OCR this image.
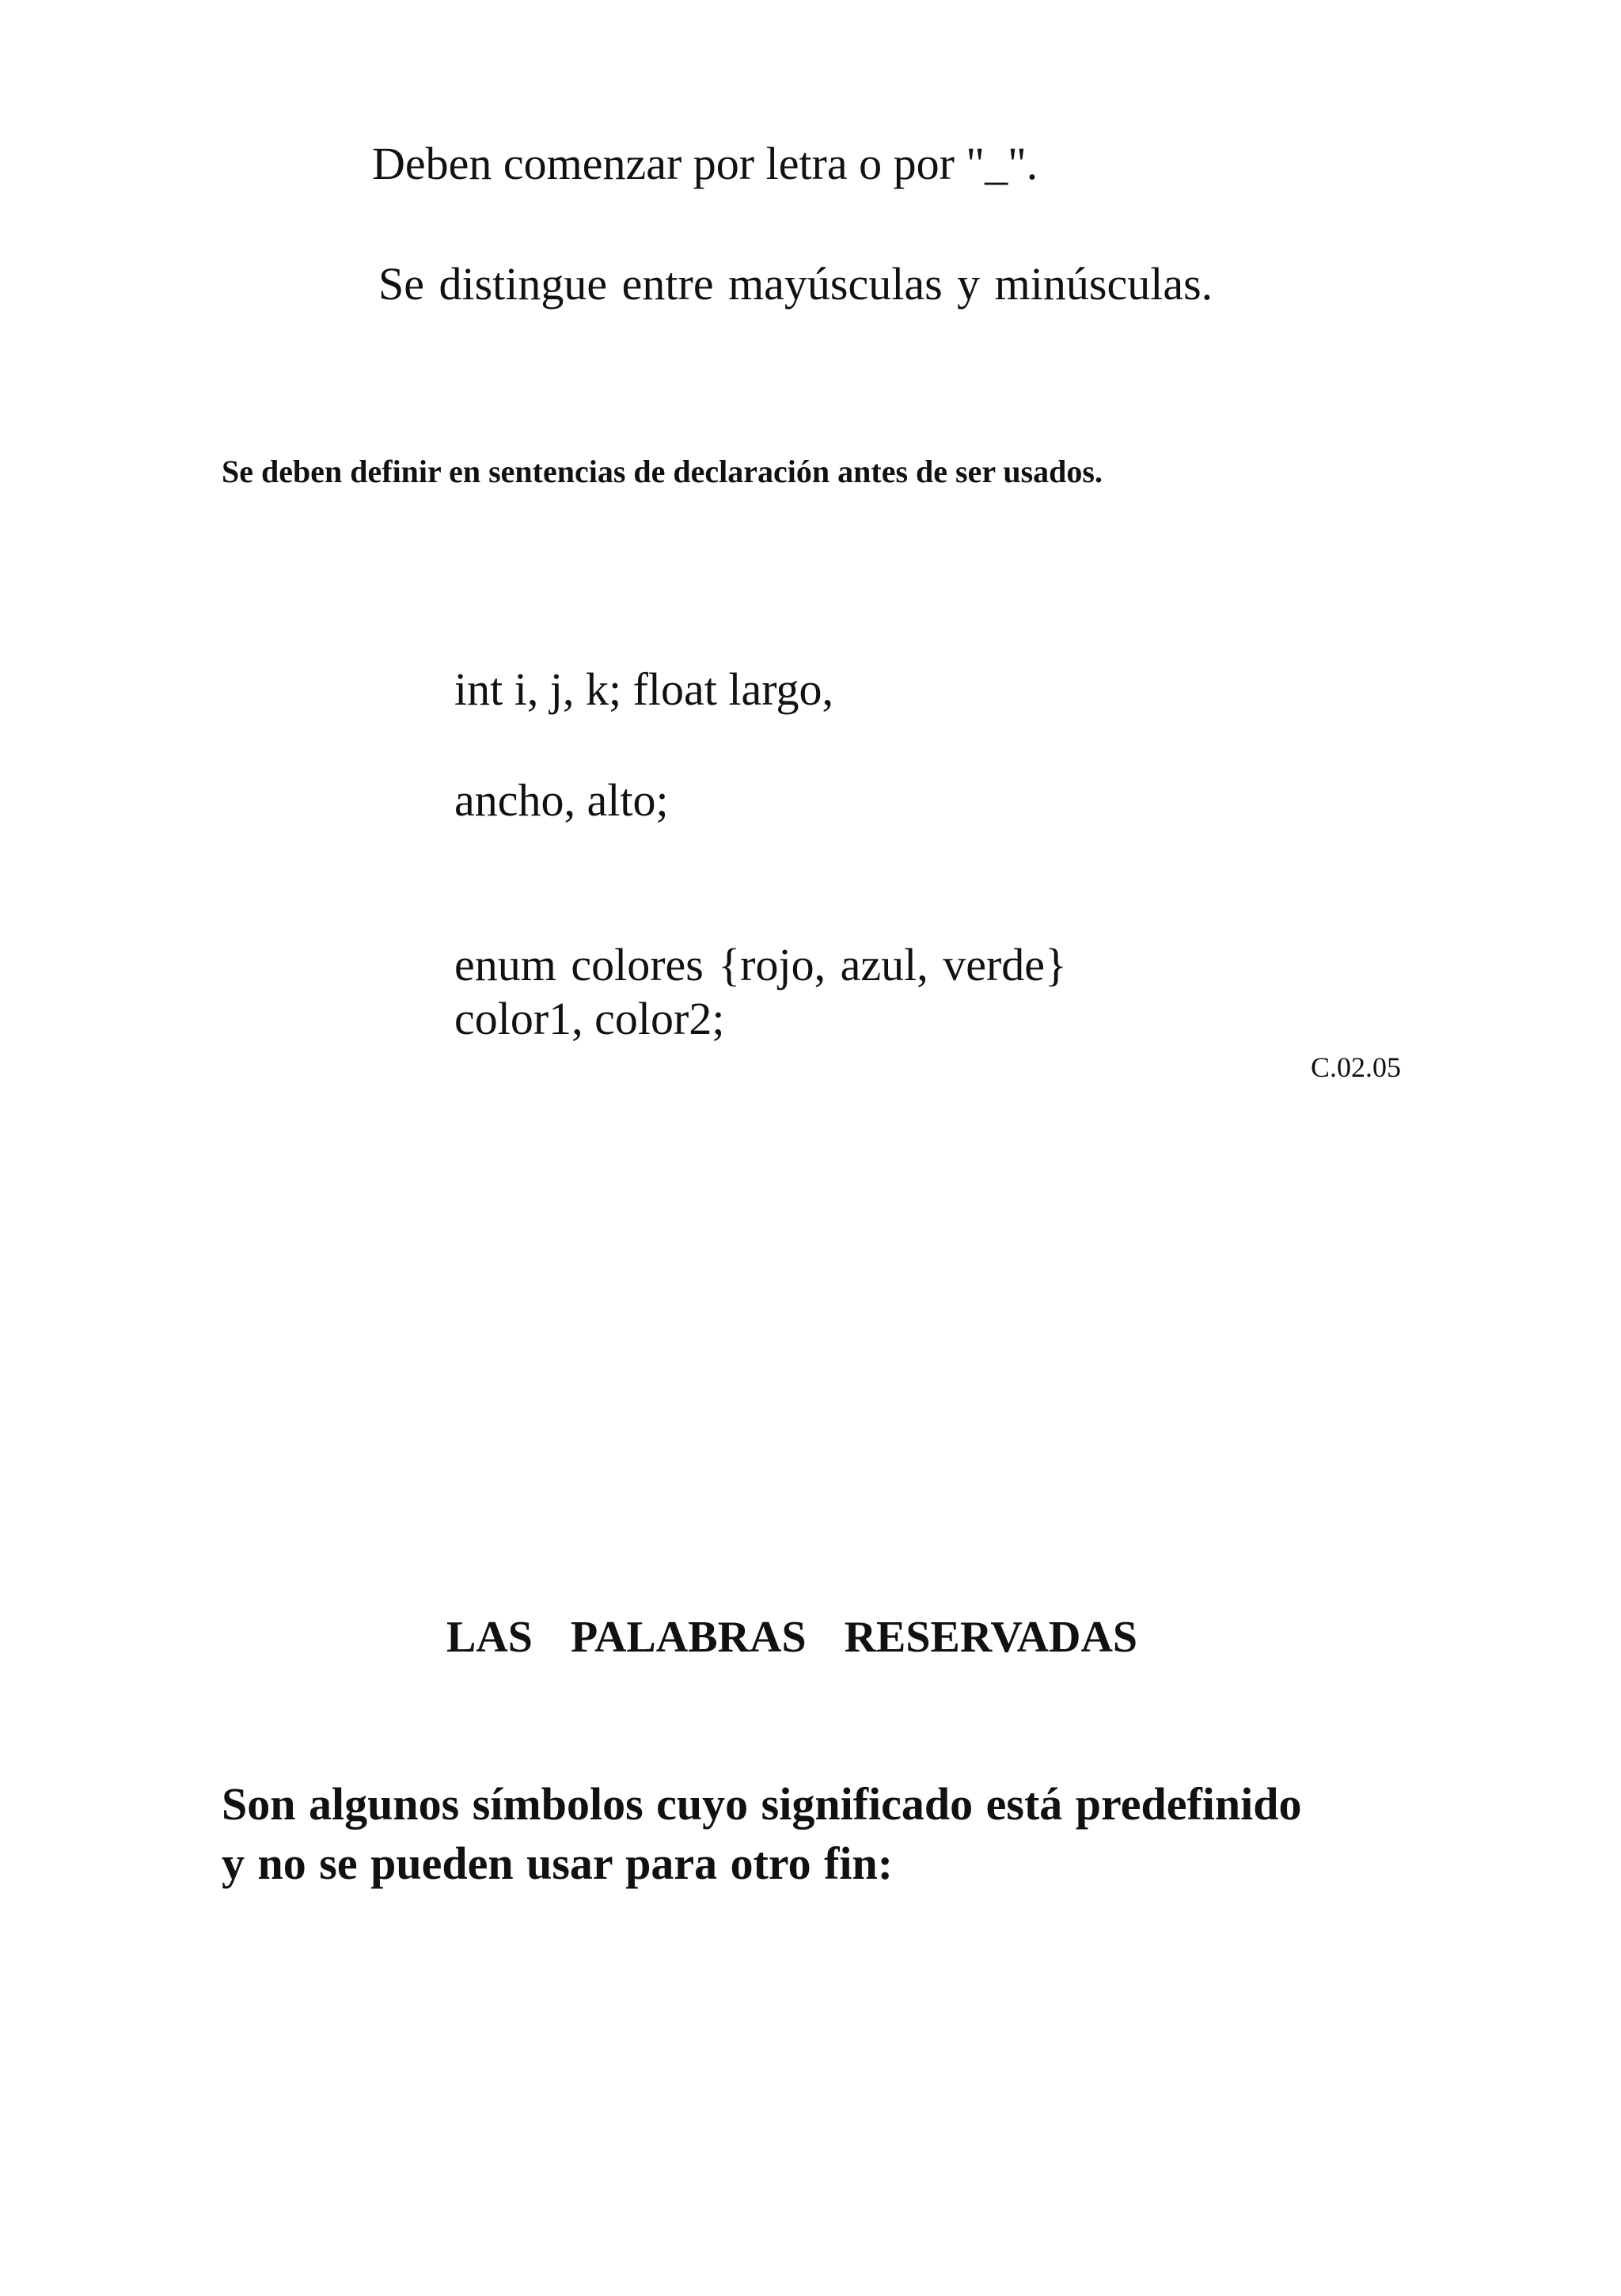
Deben comenzar por letra o por "_".
Se distingue entre mayúsculas y minúsculas.
Se deben definir en sentencias de declaración antes de ser usados.
int i, j, k; float largo,
ancho, alto;
enum colores {rojo, azul, verde}
color1, color2;
C.02.05
LAS  PALABRAS  RESERVADAS
Son algunos símbolos cuyo significado está predefinido
y no se pueden usar para otro fin:
